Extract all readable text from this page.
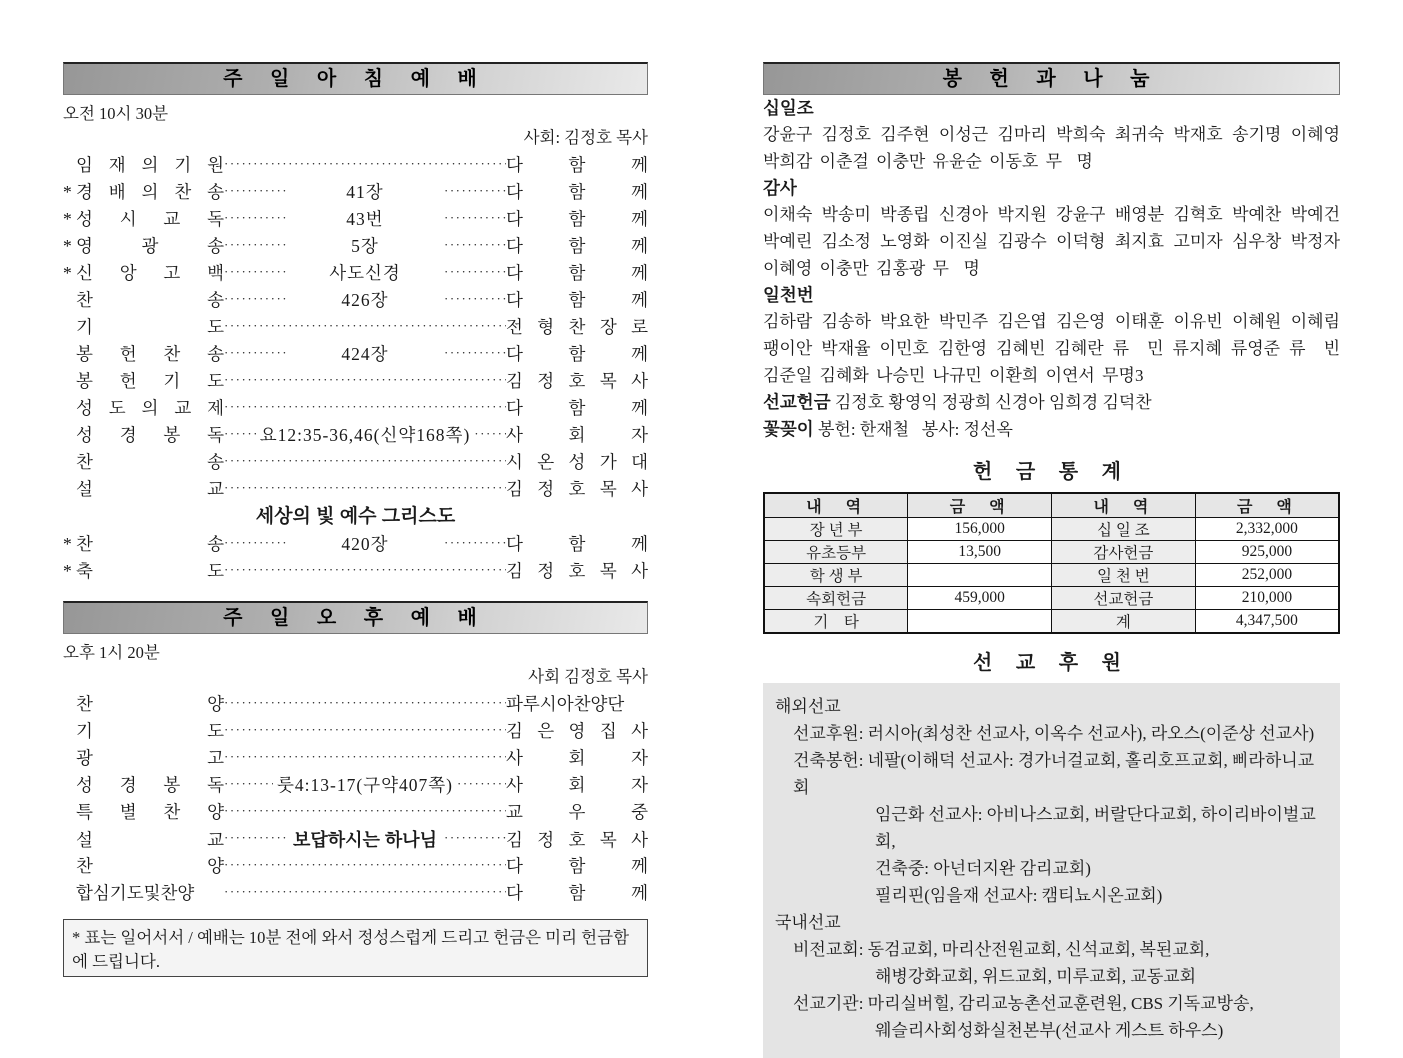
주 일 아 침 예 배
오전 10시 30분
사회: 김정호 목사
임 재 의 기 원 ·····	다 함 께
* 경 배 의 찬 송 ·····	41장 ·····	다 함 께
* 성 시 교 독 ·····	43번 ·····	다 함 께
* 영 광 송 ·····	5장 ·····	다 함 께
* 신 앙 고 백 ·····	사도신경 ·····	다 함 께
찬 송 ·····	426장 ·····	다 함 께
기 도 ·····	전 형 찬 장 로
봉 헌 찬 송 ·····	424장 ·····	다 함 께
봉 헌 기 도 ·····	김 정 호 목 사
성 도 의 교 제 ·····	다 함 께
성 경 봉 독 ····· 요12:35-36,46(신약168쪽) ····· 사 회 자
찬 송 ·····	시 온 성 가 대
설 교 ·····	김 정 호 목 사
세상의 빛 예수 그리스도
* 찬 송 ·····	420장 ·····	다 함 께
* 축 도 ·····	김 정 호 목 사
주 일 오 후 예 배
오후 1시 20분
사회 김정호 목사
찬 양 ·····	파루시아찬양단
기 도 ·····	김 은 영 집 사
광 고 ·····	사 회 자
성 경 봉 독 ·····	룻4:13-17(구약407쪽) ·····	사 회 자
특 별 찬 양 ·····	교 우 중
설 교 ·····	보답하시는 하나님 ·····	김 정 호 목 사
찬 양 ·····	다 함 께
합심기도및찬양 ·····	다 함 께
* 표는 일어서서 / 예배는 10분 전에 와서 정성스럽게 드리고 헌금은 미리 헌금함에 드립니다.
봉 헌 과 나 눔
십일조
강윤구 김정호 김주현 이성근 김마리 박희숙 최귀숙 박재호 송기명 이혜영
박희감 이춘걸 이충만 유윤순 이동호 무  명
감사
이채숙 박송미 박종립 신경아 박지원 강윤구 배영분 김혁호 박예찬 박예건
박예린 김소정 노영화 이진실 김광수 이덕형 최지효 고미자 심우창 박정자
이혜영 이충만 김홍광 무  명
일천번
김하람 김송하 박요한 박민주 김은엽 김은영 이태훈 이유빈 이혜원 이혜림
팽이안 박재율 이민호 김한영 김혜빈 김혜란 류  민 류지혜 류영준 류  빈
김준일 김혜화 나승민 나규민 이환희 이연서 무명3
선교헌금 김정호 황영익 정광희 신경아 임희경 김덕찬
꽃꽂이 봉헌: 한재철   봉사: 정선옥
헌 금 통 계
내  역	금  액	내  역	금  액
장 년 부	156,000	십 일 조	2,332,000
유초등부	13,500	감사헌금	925,000
학 생 부		일 천 번	252,000
속회헌금	459,000	선교헌금	210,000
기    타		계	4,347,500
선 교 후 원
해외선교
선교후원: 러시아(최성찬 선교사, 이옥수 선교사), 라오스(이준상 선교사)
건축봉헌: 네팔(이해덕 선교사: 경가너걸교회, 홀리호프교회, 삐라하니교회
임근화 선교사: 아비나스교회, 버랄단다교회, 하이리바이벌교회,
건축중: 아넌더지완 감리교회)
필리핀(임을재 선교사: 캠티뇨시온교회)
국내선교
비전교회: 동검교회, 마리산전원교회, 신석교회, 복된교회,
해병강화교회, 위드교회, 미루교회, 교동교회
선교기관: 마리실버힐, 감리교농촌선교훈련원, CBS 기독교방송,
웨슬리사회성화실천본부(선교사 게스트 하우스)
